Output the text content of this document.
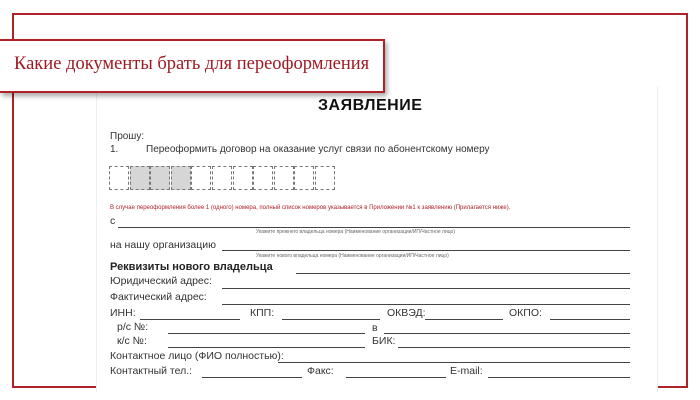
ЗАЯВЛЕНИЕ
Прошу:
1.	Переоформить договор на оказание услуг связи по абонентскому номеру
В случае переоформления более 1 (одного) номера, полный список номеров указывается в Приложении №1 к заявлению (Прилагается ниже).
с
Укажите прежнего владельца номера (Наименование организации/ИП/Частное лицо)
на нашу организацию
Укажите нового владельца номера (Наименование организации/ИП/Частное лицо)
Реквизиты нового владельца
Юридический адрес:
Фактический адрес:
ИНН:	КПП:	ОКВЭД:	ОКПО:
р/с №:	в
к/с №:	БИК:
Контактное лицо (ФИО полностью):
Контактный тел.:	Факс:	E-mail:
Какие документы брать для переоформления
